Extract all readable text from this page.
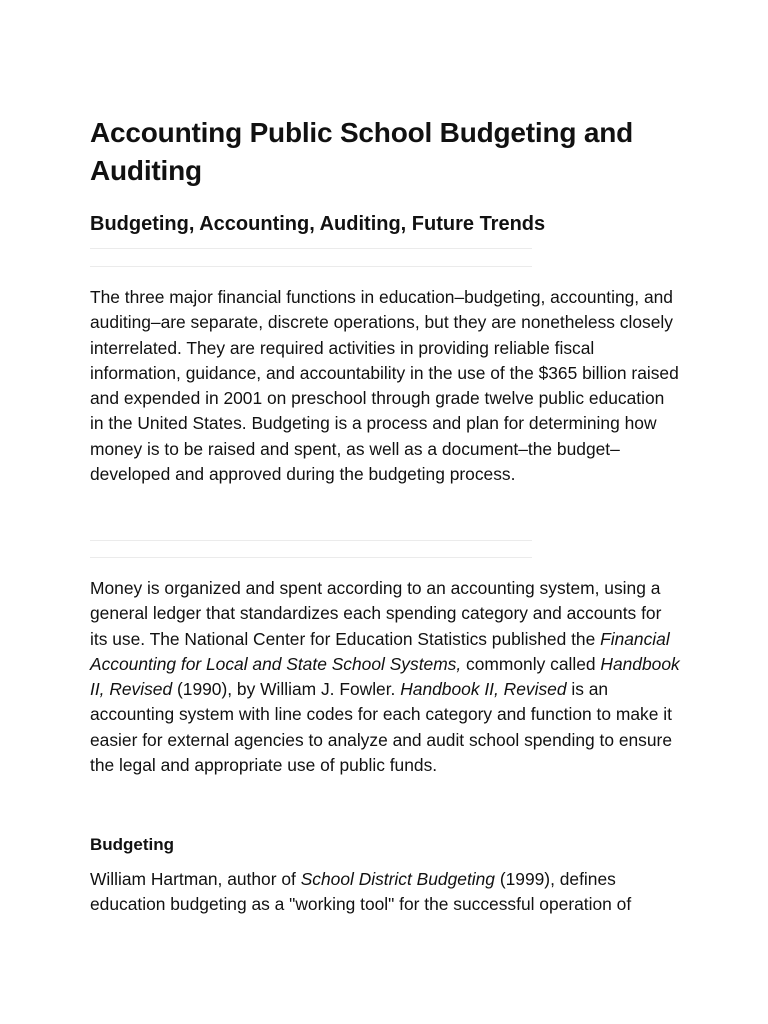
Accounting Public School Budgeting and Auditing
Budgeting, Accounting, Auditing, Future Trends

The three major financial functions in education–budgeting, accounting, and auditing–are separate, discrete operations, but they are nonetheless closely interrelated. They are required activities in providing reliable fiscal information, guidance, and accountability in the use of the $365 billion raised and expended in 2001 on preschool through grade twelve public education in the United States. Budgeting is a process and plan for determining how money is to be raised and spent, as well as a document–the budget–developed and approved during the budgeting process.

Money is organized and spent according to an accounting system, using a general ledger that standardizes each spending category and accounts for its use. The National Center for Education Statistics published the Financial Accounting for Local and State School Systems, commonly called Handbook II, Revised (1990), by William J. Fowler. Handbook II, Revised is an accounting system with line codes for each category and function to make it easier for external agencies to analyze and audit school spending to ensure the legal and appropriate use of public funds.

Budgeting

William Hartman, author of School District Budgeting (1999), defines education budgeting as a "working tool" for the successful operation of
